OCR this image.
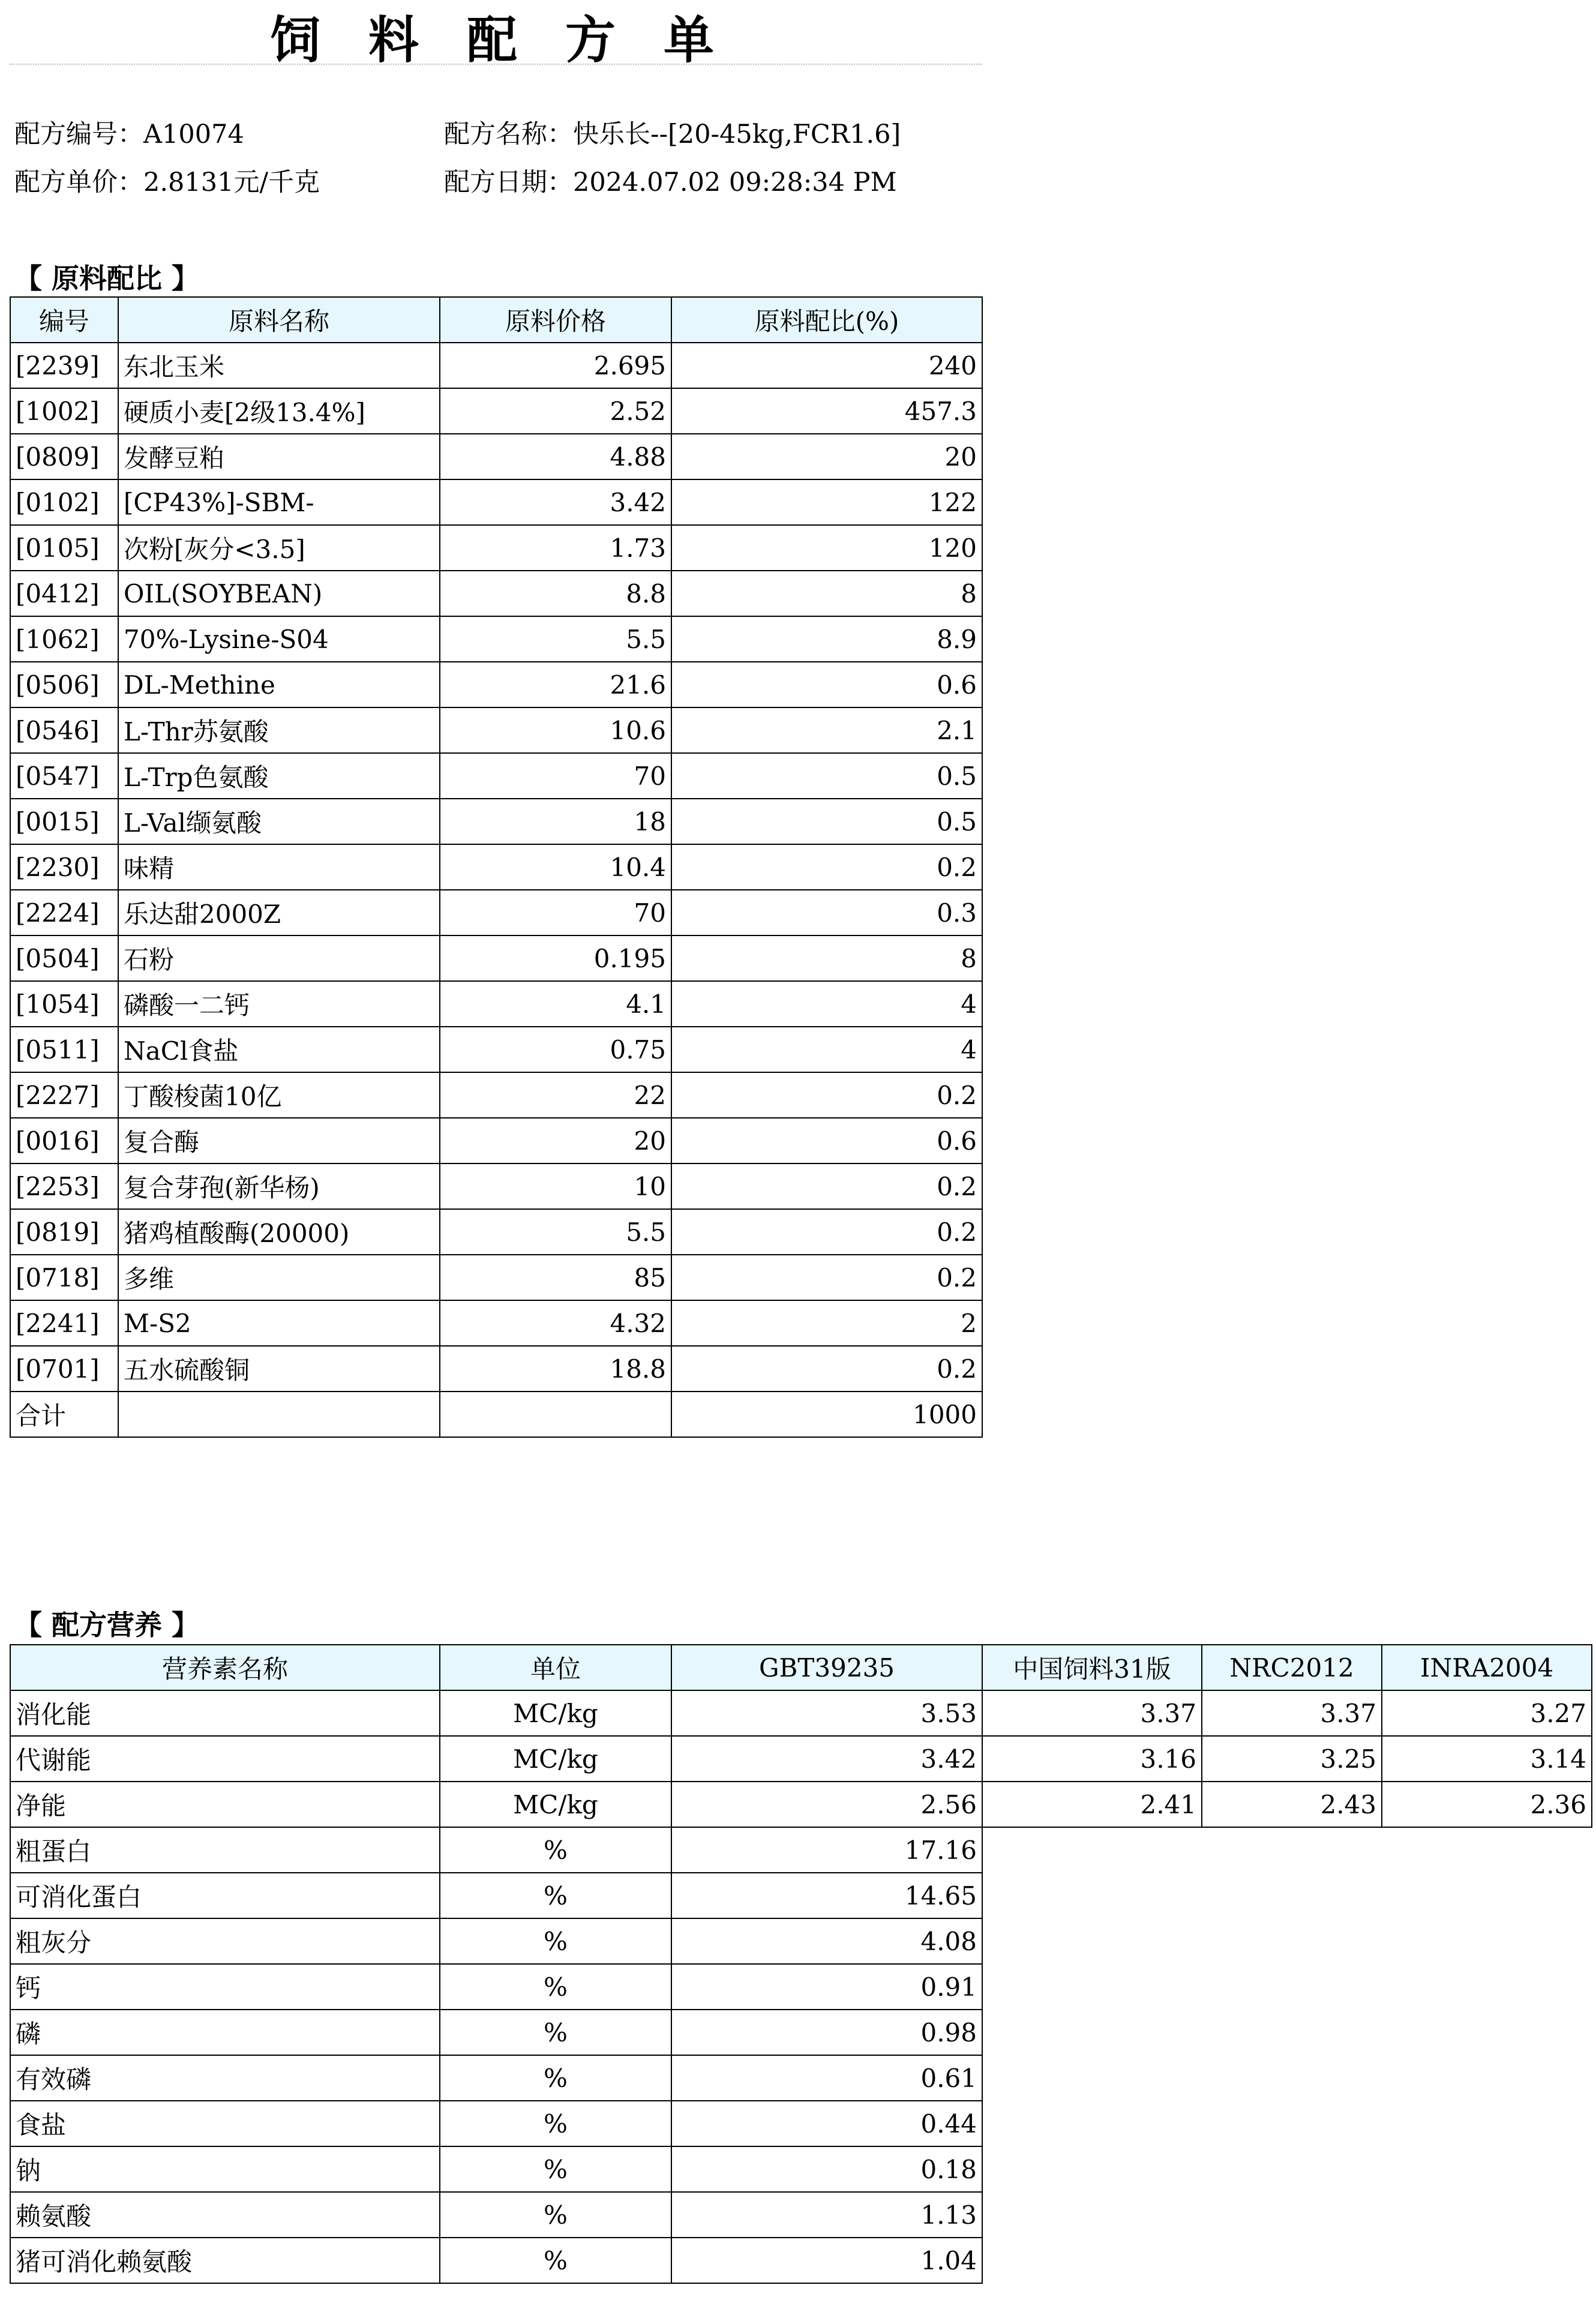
饲 料 配 方 单
配方编号：A10074	配方名称：快乐长--[20-45kg,FCR1.6]
配方单价：2.8131元/千克	配方日期：2024.07.02 09:28:34 PM
【 原料配比 】
编号	原料名称	原料价格	原料配比(%)
[2239]	东北玉米	2.695	240
[1002]	硬质小麦[2级13.4%]	2.52	457.3
[0809]	发酵豆粕	4.88	20
[0102]	[CP43%]-SBM-	3.42	122
[0105]	次粉[灰分<3.5]	1.73	120
[0412]	OIL(SOYBEAN)	8.8	8
[1062]	70%-Lysine-S04	5.5	8.9
[0506]	DL-Methine	21.6	0.6
[0546]	L-Thr苏氨酸	10.6	2.1
[0547]	L-Trp色氨酸	70	0.5
[0015]	L-Val缬氨酸	18	0.5
[2230]	味精	10.4	0.2
[2224]	乐达甜2000Z	70	0.3
[0504]	石粉	0.195	8
[1054]	磷酸一二钙	4.1	4
[0511]	NaCl食盐	0.75	4
[2227]	丁酸梭菌10亿	22	0.2
[0016]	复合酶	20	0.6
[2253]	复合芽孢(新华杨)	10	0.2
[0819]	猪鸡植酸酶(20000)	5.5	0.2
[0718]	多维	85	0.2
[2241]	M-S2	4.32	2
[0701]	五水硫酸铜	18.8	0.2
合计			1000
【 配方营养 】
营养素名称	单位	GBT39235	中国饲料31版	NRC2012	INRA2004
消化能	MC/kg	3.53	3.37	3.37	3.27
代谢能	MC/kg	3.42	3.16	3.25	3.14
净能	MC/kg	2.56	2.41	2.43	2.36
粗蛋白	%	17.16			
可消化蛋白	%	14.65			
粗灰分	%	4.08			
钙	%	0.91			
磷	%	0.98			
有效磷	%	0.61			
食盐	%	0.44			
钠	%	0.18			
赖氨酸	%	1.13			
猪可消化赖氨酸	%	1.04			
